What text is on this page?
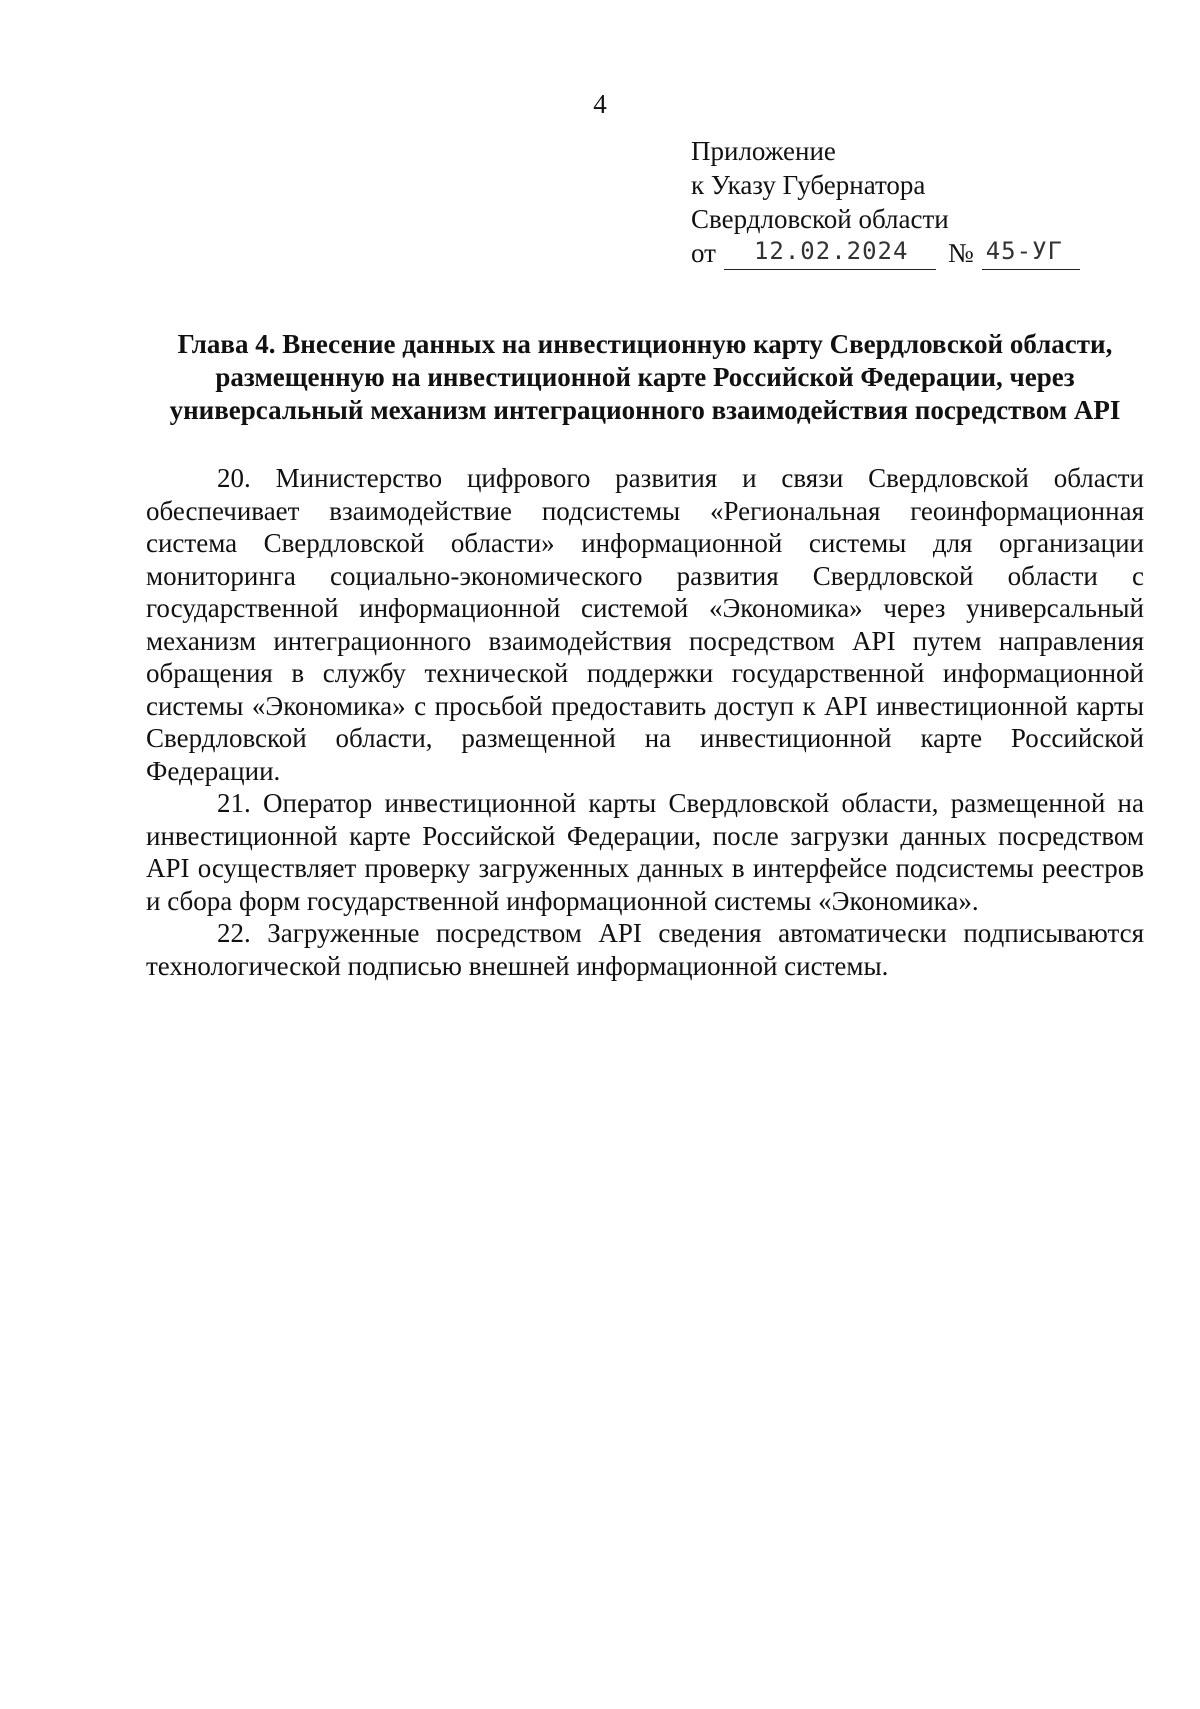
4
Приложение
к Указу Губернатора
Свердловской области
от 12.02.2024 № 45-УГ
Глава 4. Внесение данных на инвестиционную карту Свердловской области,
размещенную на инвестиционной карте Российской Федерации, через
универсальный механизм интеграционного взаимодействия посредством API

20. Министерство цифрового развития и связи Свердловской области обеспечивает взаимодействие подсистемы «Региональная геоинформационная система Свердловской области» информационной системы для организации мониторинга социально-экономического развития Свердловской области с государственной информационной системой «Экономика» через универсальный механизм интеграционного взаимодействия посредством API путем направления обращения в службу технической поддержки государственной информационной системы «Экономика» с просьбой предоставить доступ к API инвестиционной карты Свердловской области, размещенной на инвестиционной карте Российской Федерации.

21. Оператор инвестиционной карты Свердловской области, размещенной на инвестиционной карте Российской Федерации, после загрузки данных посредством API осуществляет проверку загруженных данных в интерфейсе подсистемы реестров и сбора форм государственной информационной системы «Экономика».

22. Загруженные посредством API сведения автоматически подписываются технологической подписью внешней информационной системы.
